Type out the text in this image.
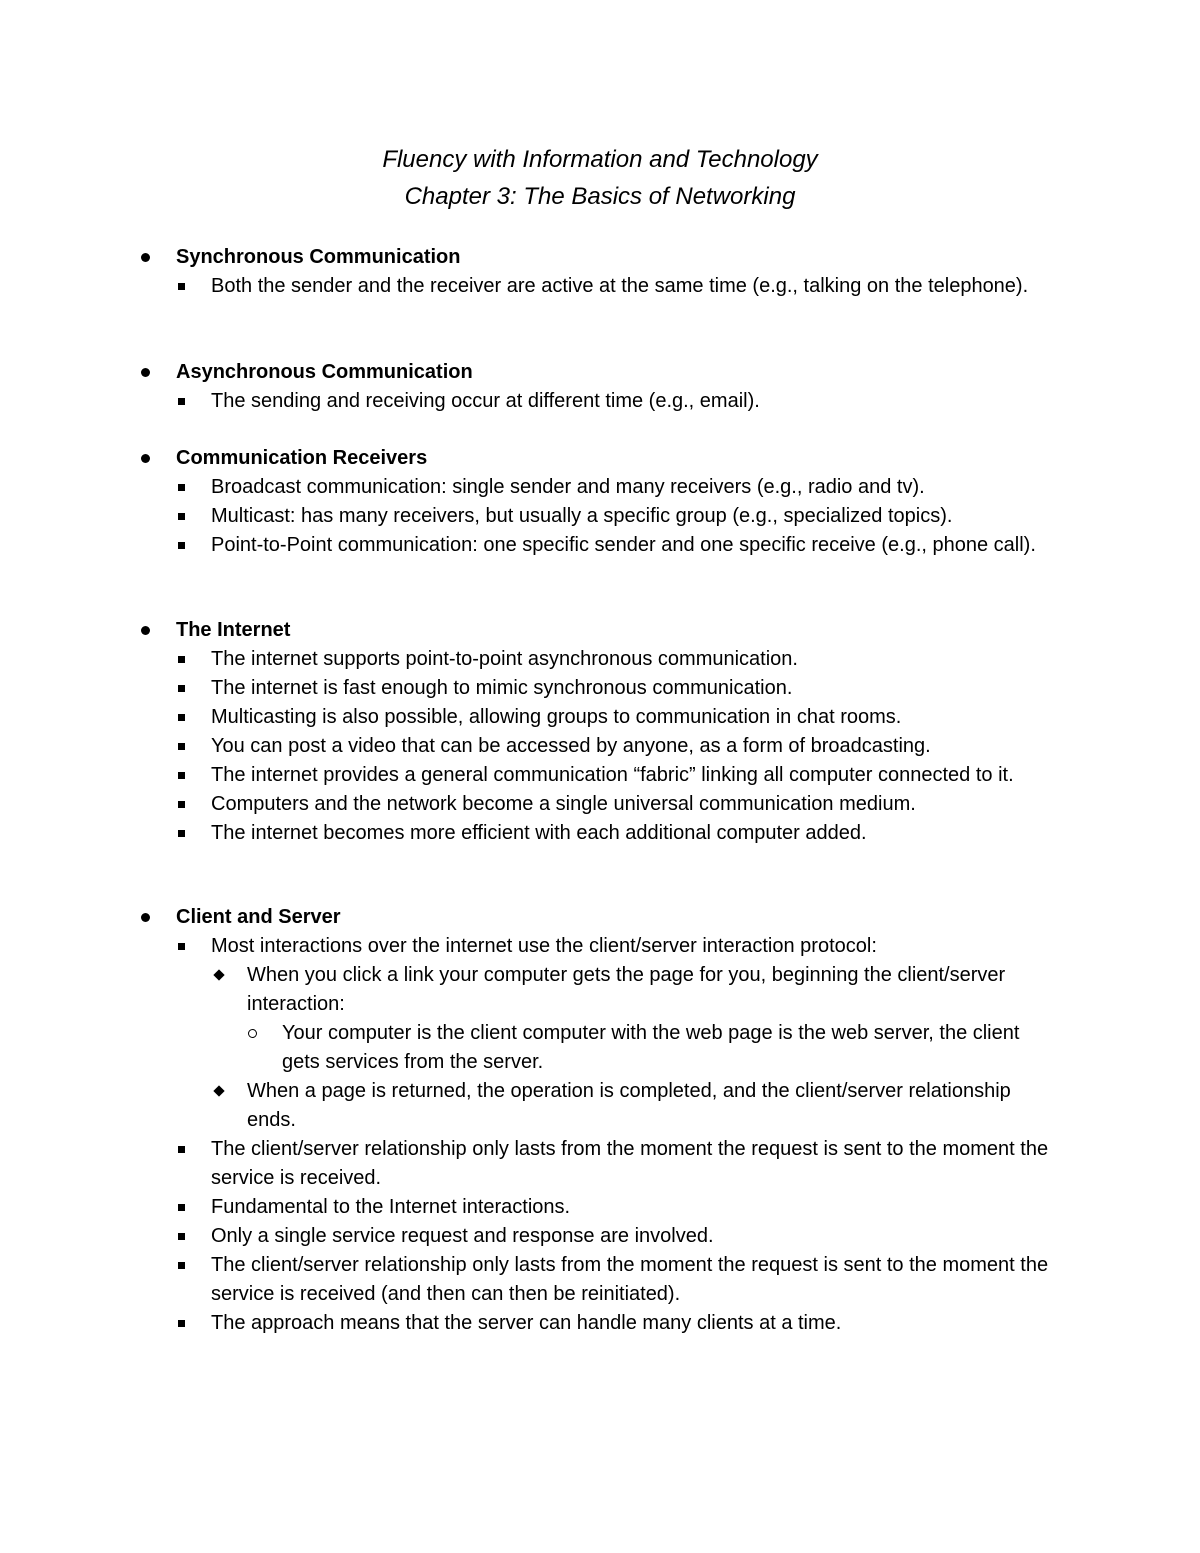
Fluency with Information and Technology
Chapter 3: The Basics of Networking
Synchronous Communication
Both the sender and the receiver are active at the same time (e.g., talking on the telephone).
Asynchronous Communication
The sending and receiving occur at different time (e.g., email).
Communication Receivers
Broadcast communication: single sender and many receivers (e.g., radio and tv).
Multicast: has many receivers, but usually a specific group (e.g., specialized topics).
Point-to-Point communication: one specific sender and one specific receive (e.g., phone call).
The Internet
The internet supports point-to-point asynchronous communication.
The internet is fast enough to mimic synchronous communication.
Multicasting is also possible, allowing groups to communication in chat rooms.
You can post a video that can be accessed by anyone, as a form of broadcasting.
The internet provides a general communication “fabric” linking all computer connected to it.
Computers and the network become a single universal communication medium.
The internet becomes more efficient with each additional computer added.
Client and Server
Most interactions over the internet use the client/server interaction protocol:
When you click a link your computer gets the page for you, beginning the client/server interaction:
Your computer is the client computer with the web page is the web server, the client gets services from the server.
When a page is returned, the operation is completed, and the client/server relationship ends.
The client/server relationship only lasts from the moment the request is sent to the moment the service is received.
Fundamental to the Internet interactions.
Only a single service request and response are involved.
The client/server relationship only lasts from the moment the request is sent to the moment the service is received (and then can then be reinitiated).
The approach means that the server can handle many clients at a time.
